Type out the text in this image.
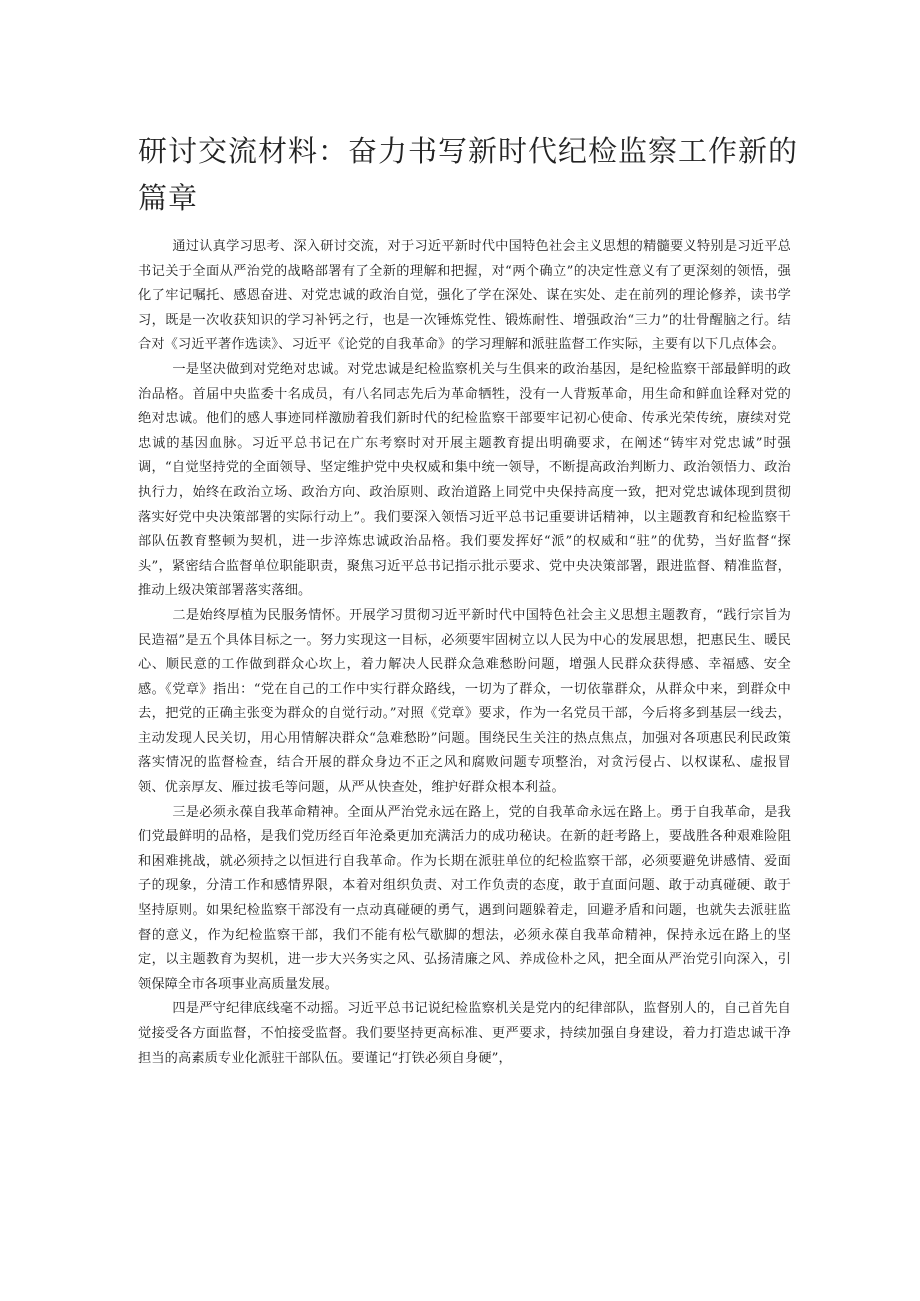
研讨交流材料：奋力书写新时代纪检监察工作新的篇章

通过认真学习思考、深入研讨交流，对于习近平新时代中国特色社会主义思想的精髓要义特别是习近平总书记关于全面从严治党的战略部署有了全新的理解和把握，对“两个确立”的决定性意义有了更深刻的领悟，强化了牢记嘱托、感恩奋进、对党忠诚的政治自觉，强化了学在深处、谋在实处、走在前列的理论修养，读书学习，既是一次收获知识的学习补钙之行，也是一次锤炼党性、锻炼耐性、增强政治“三力”的壮骨醒脑之行。结合对《习近平著作选读》、习近平《论党的自我革命》的学习理解和派驻监督工作实际，主要有以下几点体会。

一是坚决做到对党绝对忠诚。对党忠诚是纪检监察机关与生俱来的政治基因，是纪检监察干部最鲜明的政治品格。首届中央监委十名成员，有八名同志先后为革命牺牲，没有一人背叛革命，用生命和鲜血诠释对党的绝对忠诚。他们的感人事迹同样激励着我们新时代的纪检监察干部要牢记初心使命、传承光荣传统，赓续对党忠诚的基因血脉。习近平总书记在广东考察时对开展主题教育提出明确要求，在阐述“铸牢对党忠诚”时强调，“自觉坚持党的全面领导、坚定维护党中央权威和集中统一领导，不断提高政治判断力、政治领悟力、政治执行力，始终在政治立场、政治方向、政治原则、政治道路上同党中央保持高度一致，把对党忠诚体现到贯彻落实好党中央决策部署的实际行动上”。我们要深入领悟习近平总书记重要讲话精神，以主题教育和纪检监察干部队伍教育整顿为契机，进一步淬炼忠诚政治品格。我们要发挥好“派”的权威和“驻”的优势，当好监督“探头”，紧密结合监督单位职能职责，聚焦习近平总书记指示批示要求、党中央决策部署，跟进监督、精准监督，推动上级决策部署落实落细。

二是始终厚植为民服务情怀。开展学习贯彻习近平新时代中国特色社会主义思想主题教育，“践行宗旨为民造福”是五个具体目标之一。努力实现这一目标，必须要牢固树立以人民为中心的发展思想，把惠民生、暖民心、顺民意的工作做到群众心坎上，着力解决人民群众急难愁盼问题，增强人民群众获得感、幸福感、安全感。《党章》指出：“党在自己的工作中实行群众路线，一切为了群众，一切依靠群众，从群众中来，到群众中去，把党的正确主张变为群众的自觉行动。”对照《党章》要求，作为一名党员干部，今后将多到基层一线去，主动发现人民关切，用心用情解决群众“急难愁盼”问题。围绕民生关注的热点焦点，加强对各项惠民利民政策落实情况的监督检查，结合开展的群众身边不正之风和腐败问题专项整治，对贪污侵占、以权谋私、虚报冒领、优亲厚友、雁过拔毛等问题，从严从快查处，维护好群众根本利益。

三是必须永葆自我革命精神。全面从严治党永远在路上，党的自我革命永远在路上。勇于自我革命，是我们党最鲜明的品格，是我们党历经百年沧桑更加充满活力的成功秘诀。在新的赶考路上，要战胜各种艰难险阻和困难挑战，就必须持之以恒进行自我革命。作为长期在派驻单位的纪检监察干部，必须要避免讲感情、爱面子的现象，分清工作和感情界限，本着对组织负责、对工作负责的态度，敢于直面问题、敢于动真碰硬、敢于坚持原则。如果纪检监察干部没有一点动真碰硬的勇气，遇到问题躲着走，回避矛盾和问题，也就失去派驻监督的意义，作为纪检监察干部，我们不能有松气歇脚的想法，必须永葆自我革命精神，保持永远在路上的坚定，以主题教育为契机，进一步大兴务实之风、弘扬清廉之风、养成俭朴之风，把全面从严治党引向深入，引领保障全市各项事业高质量发展。

四是严守纪律底线毫不动摇。习近平总书记说纪检监察机关是党内的纪律部队，监督别人的，自己首先自觉接受各方面监督，不怕接受监督。我们要坚持更高标准、更严要求，持续加强自身建设，着力打造忠诚干净担当的高素质专业化派驻干部队伍。要谨记“打铁必须自身硬”，
